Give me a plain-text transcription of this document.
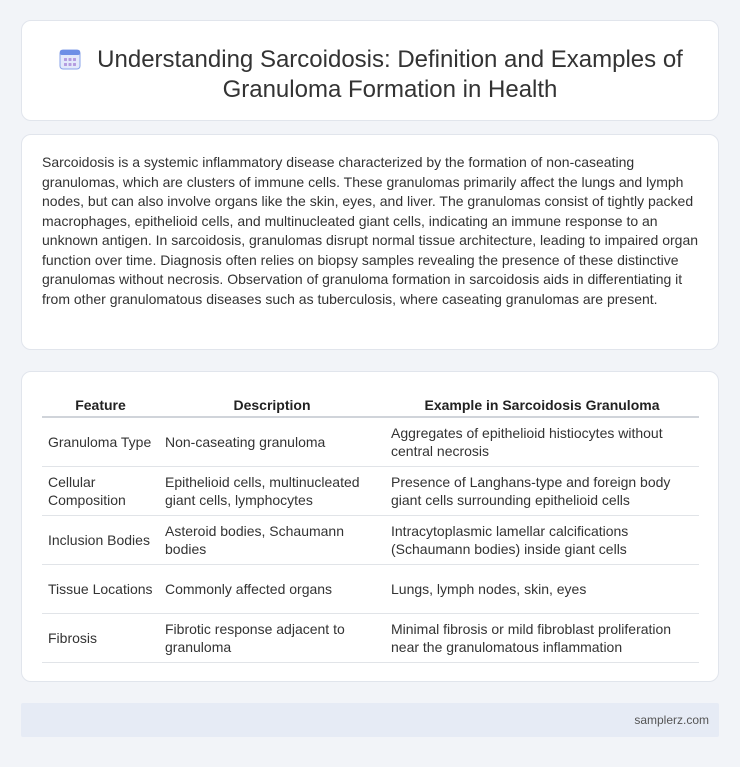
Understanding Sarcoidosis: Definition and Examples of Granuloma Formation in Health

Sarcoidosis is a systemic inflammatory disease characterized by the formation of non-caseating granulomas, which are clusters of immune cells. These granulomas primarily affect the lungs and lymph nodes, but can also involve organs like the skin, eyes, and liver. The granulomas consist of tightly packed macrophages, epithelioid cells, and multinucleated giant cells, indicating an immune response to an unknown antigen. In sarcoidosis, granulomas disrupt normal tissue architecture, leading to impaired organ function over time. Diagnosis often relies on biopsy samples revealing the presence of these distinctive granulomas without necrosis. Observation of granuloma formation in sarcoidosis aids in differentiating it from other granulomatous diseases such as tuberculosis, where caseating granulomas are present.

Feature	Description	Example in Sarcoidosis Granuloma
Granuloma Type	Non-caseating granuloma	Aggregates of epithelioid histiocytes without central necrosis
Cellular Composition	Epithelioid cells, multinucleated giant cells, lymphocytes	Presence of Langhans-type and foreign body giant cells surrounding epithelioid cells
Inclusion Bodies	Asteroid bodies, Schaumann bodies	Intracytoplasmic lamellar calcifications (Schaumann bodies) inside giant cells
Tissue Locations	Commonly affected organs	Lungs, lymph nodes, skin, eyes
Fibrosis	Fibrotic response adjacent to granuloma	Minimal fibrosis or mild fibroblast proliferation near the granulomatous inflammation
samplerz.com
